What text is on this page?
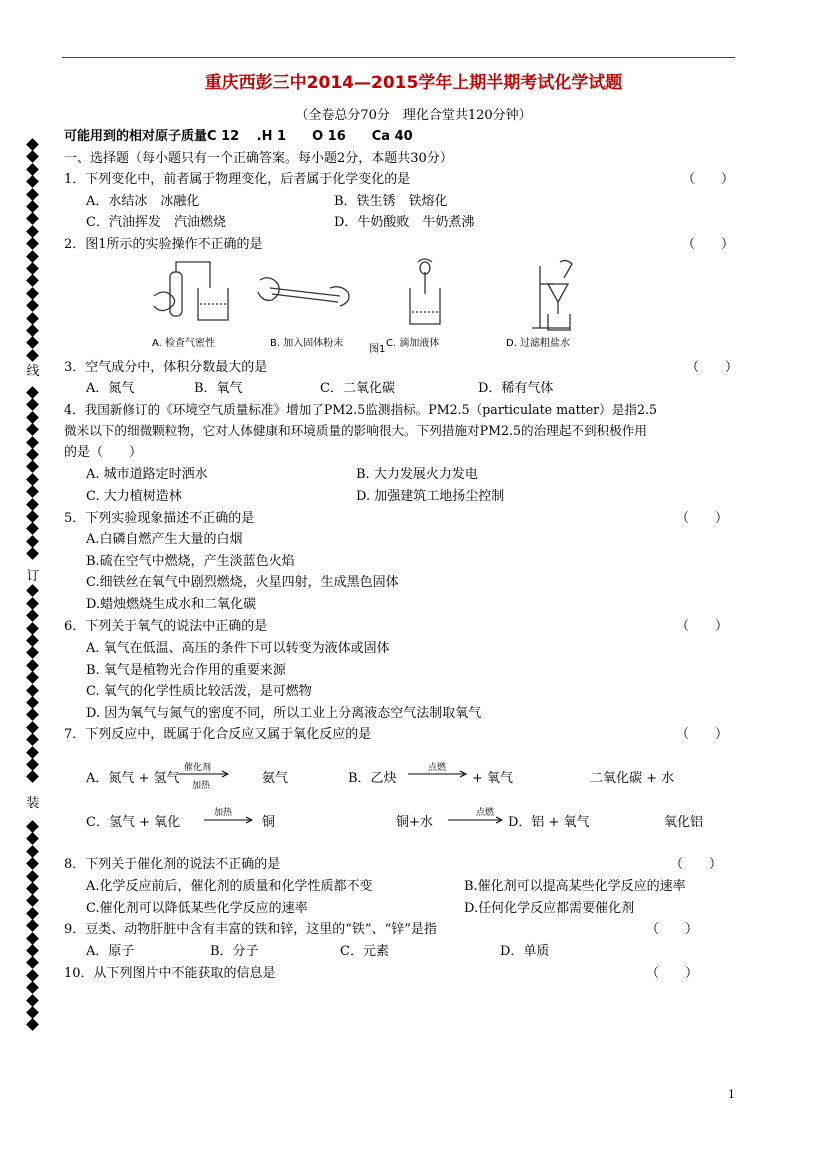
重庆西彭三中2014—2015学年上期半期考试化学试题
（全卷总分70分　理化合堂共120分钟）
可能用到的相对原子质量C 12　 .H 1　　O 16　　Ca 40
一、选择题（每小题只有一个正确答案。每小题2分，本题共30分）
线
订
装
1．下列变化中，前者属于物理变化，后者属于化学变化的是	（　　）
A．水结冰　冰融化	B．铁生锈　铁熔化
C．汽油挥发　汽油燃烧	D．牛奶酸败　牛奶煮沸
2．图1所示的实验操作不正确的是	（　　）
A. 检查气密性	B. 加入固体粉末	C. 滴加液体	D. 过滤粗盐水
图1
3．空气成分中，体积分数最大的是	（　　）
A．氮气	B．氧气	C．二氧化碳	D．稀有气体
4．我国新修订的《环境空气质量标准》增加了PM2.5监测指标。PM2.5（particulate matter）是指2.5
微米以下的细微颗粒物，它对人体健康和环境质量的影响很大。下列措施对PM2.5的治理起不到积极作用
的是（　　）
A. 城市道路定时洒水	B. 大力发展火力发电
C. 大力植树造林	D. 加强建筑工地扬尘控制
5．下列实验现象描述不正确的是	（　　）
A.白磷自燃产生大量的白烟
B.硫在空气中燃烧，产生淡蓝色火焰
C.细铁丝在氧气中剧烈燃烧，火星四射，生成黑色固体
D.蜡烛燃烧生成水和二氧化碳
6．下列关于氧气的说法中正确的是	（　　）
A. 氧气在低温、高压的条件下可以转变为液体或固体
B. 氧气是植物光合作用的重要来源
C. 氧气的化学性质比较活泼，是可燃物
D. 因为氧气与氮气的密度不同，所以工业上分离液态空气法制取氧气
7．下列反应中，既属于化合反应又属于氧化反应的是	（　　）
A．氮气 + 氢气
催化剂
加热	氨气	B．乙炔
点燃
+ 氧气	二氧化碳 + 水
C．氢气 + 氧化
加热
→ 铜	铜+水
点燃
D．铝 + 氧气	氧化铝
8．下列关于催化剂的说法不正确的是	（　　）
A.化学反应前后，催化剂的质量和化学性质都不变	B.催化剂可以提高某些化学反应的速率
C.催化剂可以降低某些化学反应的速率	D.任何化学反应都需要催化剂
9．豆类、动物肝脏中含有丰富的铁和锌，这里的“铁”、“锌”是指	（　　）
A．原子	B．分子	C．元素	D．单质
10．从下列图片中不能获取的信息是	（　　）
1
